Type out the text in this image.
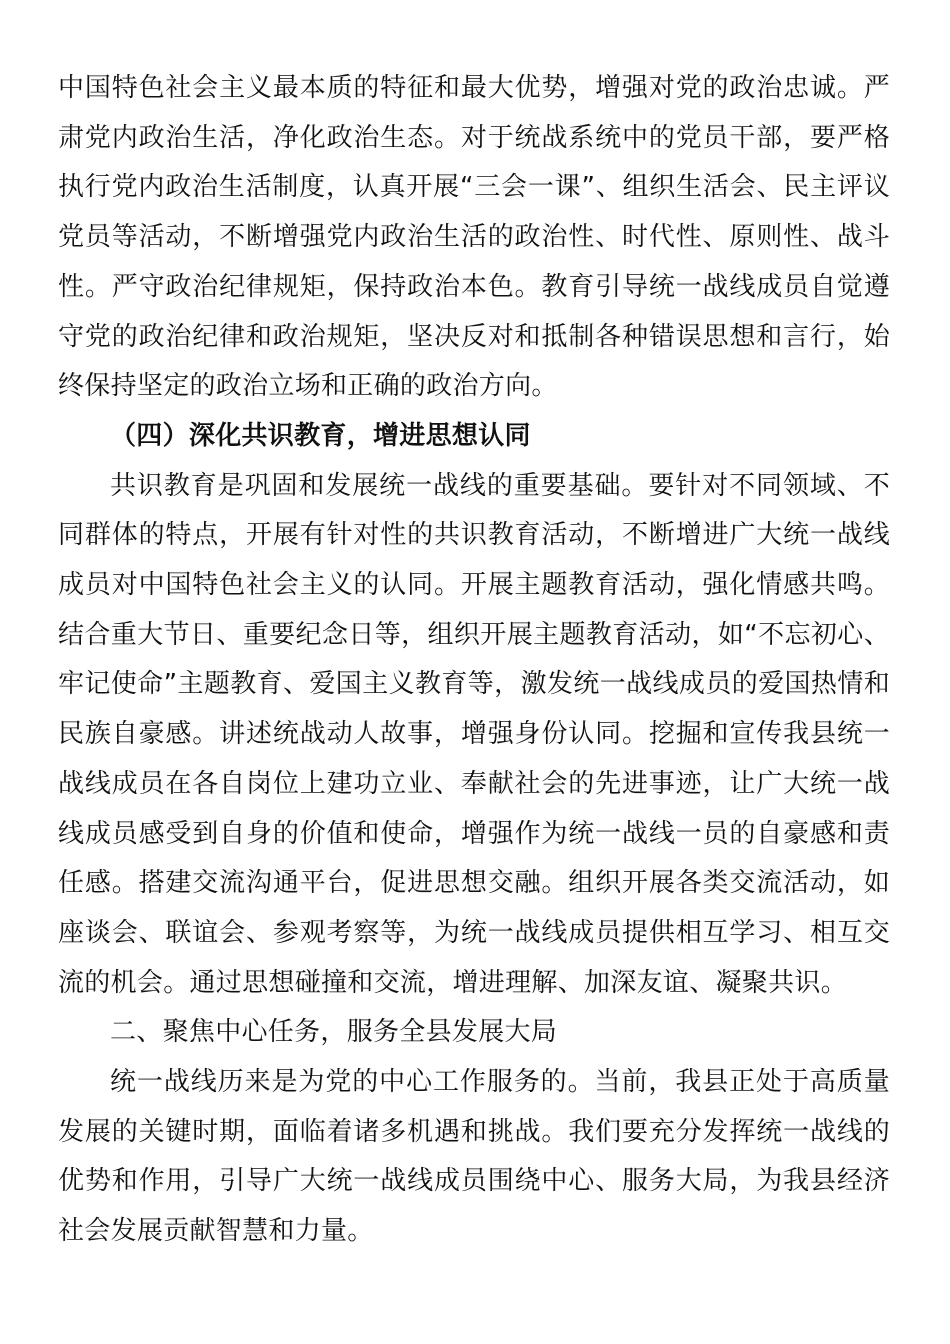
中国特色社会主义最本质的特征和最大优势，增强对党的政治忠诚。严肃党内政治生活，净化政治生态。对于统战系统中的党员干部，要严格执行党内政治生活制度，认真开展“三会一课”、组织生活会、民主评议党员等活动，不断增强党内政治生活的政治性、时代性、原则性、战斗性。严守政治纪律规矩，保持政治本色。教育引导统一战线成员自觉遵守党的政治纪律和政治规矩，坚决反对和抵制各种错误思想和言行，始终保持坚定的政治立场和正确的政治方向。

（四）深化共识教育，增进思想认同

共识教育是巩固和发展统一战线的重要基础。要针对不同领域、不同群体的特点，开展有针对性的共识教育活动，不断增进广大统一战线成员对中国特色社会主义的认同。开展主题教育活动，强化情感共鸣。结合重大节日、重要纪念日等，组织开展主题教育活动，如“不忘初心、牢记使命”主题教育、爱国主义教育等，激发统一战线成员的爱国热情和民族自豪感。讲述统战动人故事，增强身份认同。挖掘和宣传我县统一战线成员在各自岗位上建功立业、奉献社会的先进事迹，让广大统一战线成员感受到自身的价值和使命，增强作为统一战线一员的自豪感和责任感。搭建交流沟通平台，促进思想交融。组织开展各类交流活动，如座谈会、联谊会、参观考察等，为统一战线成员提供相互学习、相互交流的机会。通过思想碰撞和交流，增进理解、加深友谊、凝聚共识。

二、聚焦中心任务，服务全县发展大局

统一战线历来是为党的中心工作服务的。当前，我县正处于高质量发展的关键时期，面临着诸多机遇和挑战。我们要充分发挥统一战线的优势和作用，引导广大统一战线成员围绕中心、服务大局，为我县经济社会发展贡献智慧和力量。
